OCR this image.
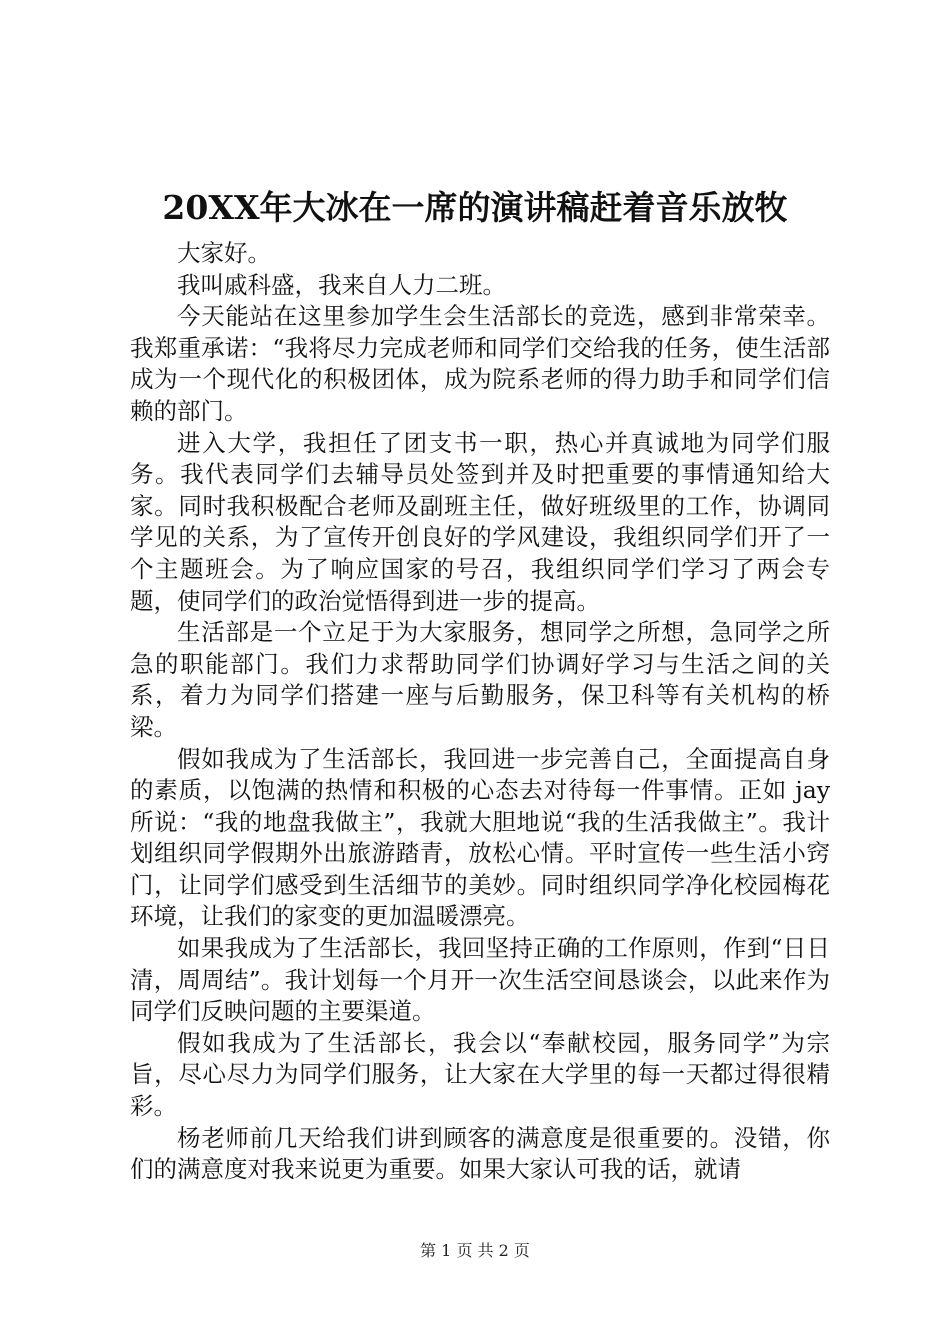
20XX年大冰在一席的演讲稿赶着音乐放牧

大家好。

我叫戚科盛，我来自人力二班。

今天能站在这里参加学生会生活部长的竞选，感到非常荣幸。我郑重承诺：“我将尽力完成老师和同学们交给我的任务，使生活部成为一个现代化的积极团体，成为院系老师的得力助手和同学们信赖的部门。

进入大学，我担任了团支书一职，热心并真诚地为同学们服务。我代表同学们去辅导员处签到并及时把重要的事情通知给大家。同时我积极配合老师及副班主任，做好班级里的工作，协调同学见的关系，为了宣传开创良好的学风建设，我组织同学们开了一个主题班会。为了响应国家的号召，我组织同学们学习了两会专题，使同学们的政治觉悟得到进一步的提高。

生活部是一个立足于为大家服务，想同学之所想，急同学之所急的职能部门。我们力求帮助同学们协调好学习与生活之间的关系，着力为同学们搭建一座与后勤服务，保卫科等有关机构的桥梁。

假如我成为了生活部长，我回进一步完善自己，全面提高自身的素质，以饱满的热情和积极的心态去对待每一件事情。正如 jay 所说：“我的地盘我做主”，我就大胆地说“我的生活我做主”。我计划组织同学假期外出旅游踏青，放松心情。平时宣传一些生活小窍门，让同学们感受到生活细节的美妙。同时组织同学净化校园梅花环境，让我们的家变的更加温暖漂亮。

如果我成为了生活部长，我回坚持正确的工作原则，作到“日日清，周周结”。我计划每一个月开一次生活空间恳谈会，以此来作为同学们反映问题的主要渠道。

假如我成为了生活部长，我会以“奉献校园，服务同学”为宗旨，尽心尽力为同学们服务，让大家在大学里的每一天都过得很精彩。

杨老师前几天给我们讲到顾客的满意度是很重要的。没错，你们的满意度对我来说更为重要。如果大家认可我的话，就请

第 1 页 共 2 页
